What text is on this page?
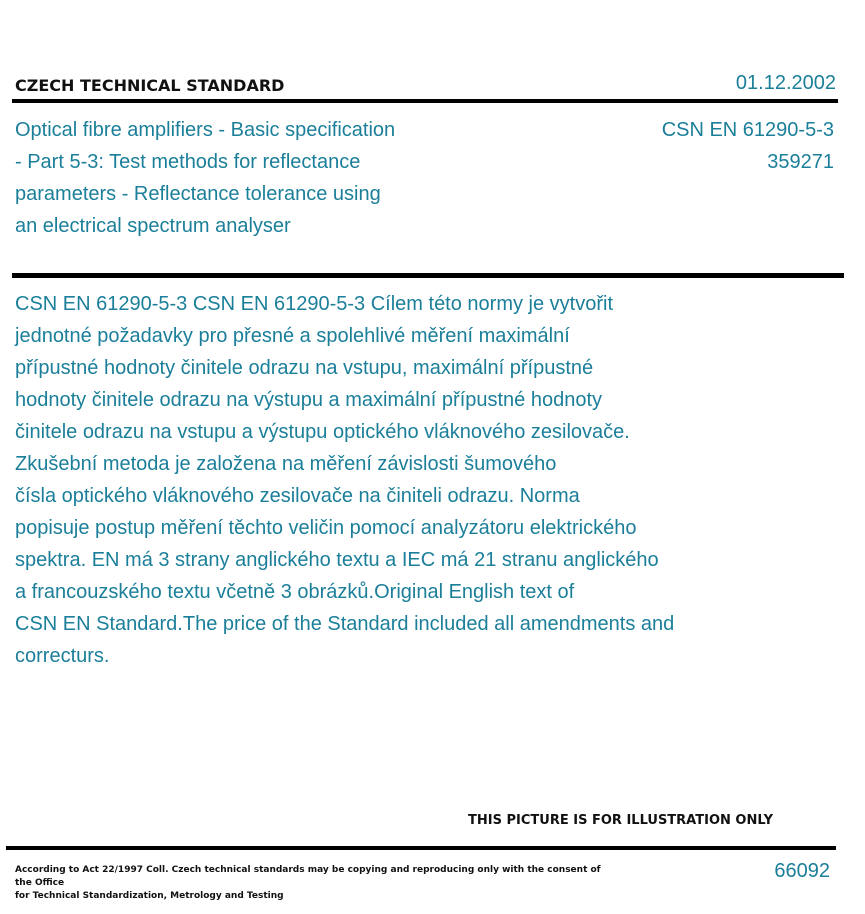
CZECH TECHNICAL STANDARD	01.12.2002
Optical fibre amplifiers - Basic specification
- Part 5-3: Test methods for reflectance
parameters - Reflectance tolerance using
an electrical spectrum analyser
CSN EN 61290-5-3
359271
CSN EN 61290-5-3 CSN EN 61290-5-3 Cílem této normy je vytvořit
jednotné požadavky pro přesné a spolehlivé měření maximální
přípustné hodnoty činitele odrazu na vstupu, maximální přípustné
hodnoty činitele odrazu na výstupu a maximální přípustné hodnoty
činitele odrazu na vstupu a výstupu optického vláknového zesilovače.
Zkušební metoda je založena na měření závislosti šumového
čísla optického vláknového zesilovače na činiteli odrazu. Norma
popisuje postup měření těchto veličin pomocí analyzátoru elektrického
spektra. EN má 3 strany anglického textu a IEC má 21 stranu anglického
a francouzského textu včetně 3 obrázků.Original English text of
CSN EN Standard.The price of the Standard included all amendments and
correcturs.
THIS PICTURE IS FOR ILLUSTRATION ONLY
According to Act 22/1997 Coll. Czech technical standards may be copying and reproducing only with the consent of the Office
for Technical Standardization, Metrology and Testing
66092
